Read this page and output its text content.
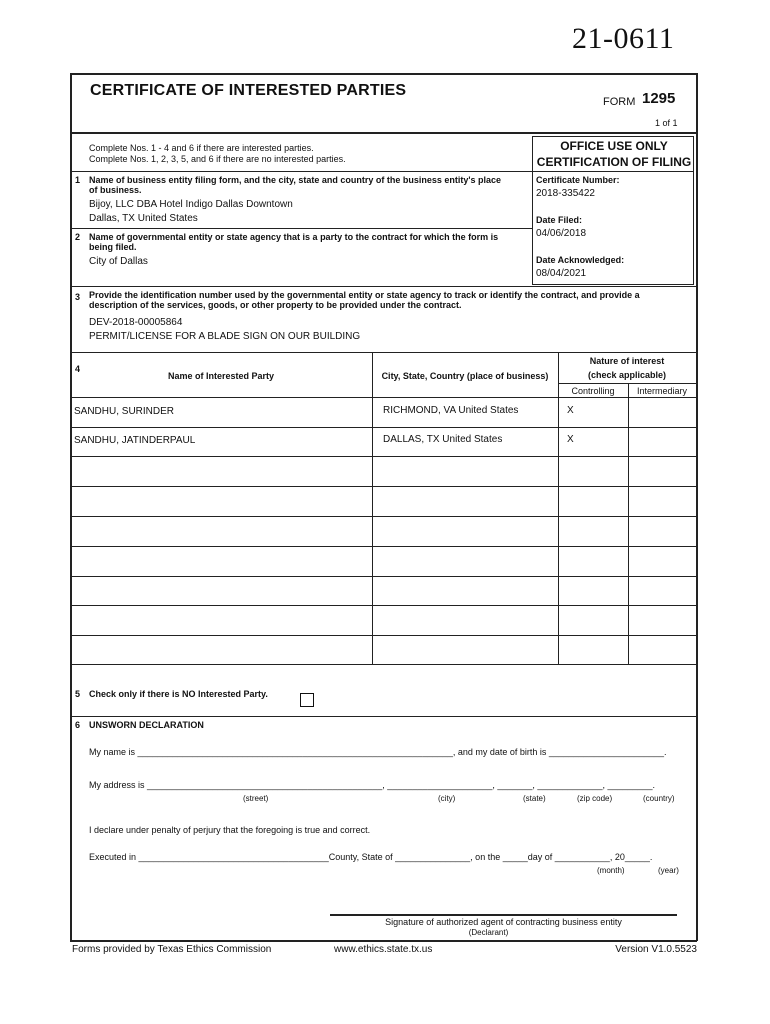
21-0611
CERTIFICATE OF INTERESTED PARTIES
FORM 1295
1 of 1
Complete Nos. 1 - 4 and 6 if there are interested parties.
Complete Nos. 1, 2, 3, 5, and 6 if there are no interested parties.
OFFICE USE ONLY
CERTIFICATION OF FILING
Certificate Number:
2018-335422
Date Filed:
04/06/2018
Date Acknowledged:
08/04/2021
1 Name of business entity filing form, and the city, state and country of the business entity's place
of business.
Bijoy, LLC DBA Hotel Indigo Dallas Downtown
Dallas, TX United States
2 Name of governmental entity or state agency that is a party to the contract for which the form is
being filed.
City of Dallas
3 Provide the identification number used by the governmental entity or state agency to track or identify the contract, and provide a
description of the services, goods, or other property to be provided under the contract.
DEV-2018-00005864
PERMIT/LICENSE FOR A BLADE SIGN ON OUR BUILDING
4
Name of Interested Party	City, State, Country (place of business)
Nature of interest
(check applicable)
Controlling	Intermediary
SANDHU, SURINDER	RICHMOND, VA United States	X
SANDHU, JATINDERPAUL	DALLAS, TX United States	X
5 Check only if there is NO Interested Party.
6 UNSWORN DECLARATION
My name is _______________________________________________________________, and my date of birth is _______________________.
My address is _______________________________________________, _____________________, _______, _____________, _________.
(street)	(city)	(state)	(zip code)	(country)
I declare under penalty of perjury that the foregoing is true and correct.
Executed in ______________________________________County, State of _______________, on the _____day of ___________, 20_____.
(month)	(year)
Signature of authorized agent of contracting business entity
(Declarant)
Forms provided by Texas Ethics Commission	www.ethics.state.tx.us	Version V1.0.5523
